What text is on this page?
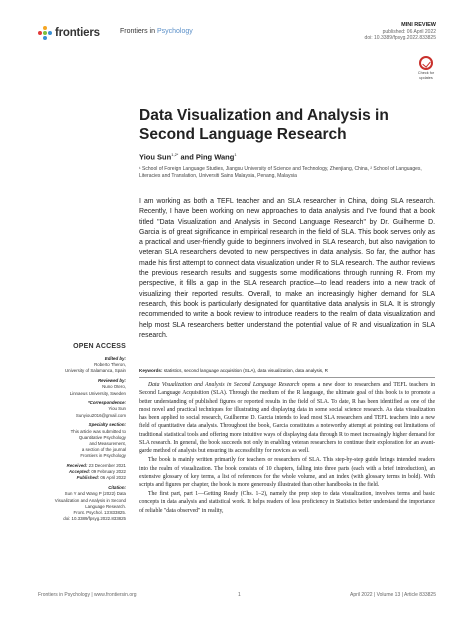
frontiers	Frontiers in Psychology
MINI REVIEW
published: 06 April 2022
doi: 10.3389/fpsyg.2022.833825
Check for updates
Data Visualization and Analysis in Second Language Research
Yiou Sun$^{1,2*}$ and Ping Wang$^1$
¹ School of Foreign Language Studies, Jiangsu University of Science and Technology, Zhenjiang, China, ² School of Languages, Literacies and Translation, Universiti Sains Malaysia, Penang, Malaysia
I am working as both a TEFL teacher and an SLA researcher in China, doing SLA research. Recently, I have been working on new approaches to data analysis and I've found that a book titled "Data Visualization and Analysis in Second Language Research" by Dr. Guilherme D. Garcia is of great significance in empirical research in the field of SLA. This book serves only as a practical and user-friendly guide to beginners involved in SLA research, but also navigation to veteran SLA researchers devoted to new perspectives in data analysis. So far, the author has made his first attempt to connect data visualization under R to SLA research. The author reviews the previous research results and suggests some modifications through running R. From my perspective, it fills a gap in the SLA research practice—to lead readers into a new track of visualizing their reported results. Overall, to make an increasingly higher demand for SLA research, this book is particularly designated for quantitative data analysis in SLA. It is strongly recommended to write a book review to introduce readers to the realm of data visualization and help most SLA researchers better understand the potential value of R and visualization in SLA research.
Keywords: statistics, second language acquisition (SLA), data visualization, data analysis, R
OPEN ACCESS
Edited by:
Roberto Theron,
University of Salamanca, Spain
Reviewed by:
Nuno Otero,
Linnaeus University, Sweden
*Correspondence:
Yiou Sun
Sunyiou2016@gmail.com
Specialty section:
This article was submitted to
Quantitative Psychology
and Measurement,
a section of the journal
Frontiers in Psychology
Received: 23 December 2021
Accepted: 09 February 2022
Published: 06 April 2022
Citation:
Sun Y and Wang P (2022) Data
Visualization and Analysis in Second
Language Research.
Front. Psychol. 13:833825.
doi: 10.3389/fpsyg.2022.833825

Data Visualization and Analysis in Second Language Research opens a new door to researchers and TEFL teachers in Second Language Acquisition (SLA). Through the medium of the R language, the ultimate goal of this book is to promote a better understanding of published figures or reported results in the field of SLA. To date, R has been identified as one of the most novel and practical techniques for illustrating and displaying data in some social science research. As data visualization has been applied to social research, Guilherme D. Garcia intends to lead most SLA researchers and TEFL teachers into a new field of quantitative data analysis. Throughout the book, Garcia constitutes a noteworthy attempt at pointing out limitations of traditional statistical tools and offering more intuitive ways of displaying data through R to meet increasingly higher demand for SLA research. In general, the book succeeds not only in enabling veteran researchers to continue their exploration for an avant-garde method of analysis but ensuring its accessibility for novices as well.

The book is mainly written primarily for teachers or researchers of SLA. This step-by-step guide brings intended readers into the realm of visualization. The book consists of 10 chapters, falling into three parts (each with a brief introduction), an extensive glossary of key terms, a list of references for the whole volume, and an index (with glossary terms in bold). With scripts and figures per chapter, the book is more generously illustrated than other handbooks in the field.

The first part, part 1—Getting Ready (Chs. 1–2), namely the prep step to data visualization, involves terms and basic concepts in data analysis and statistical work. It helps readers of less proficiency in Statistics better understand the importance of reliable "data observed" in reality,

Frontiers in Psychology | www.frontiersin.org	1	April 2022 | Volume 13 | Article 833825
